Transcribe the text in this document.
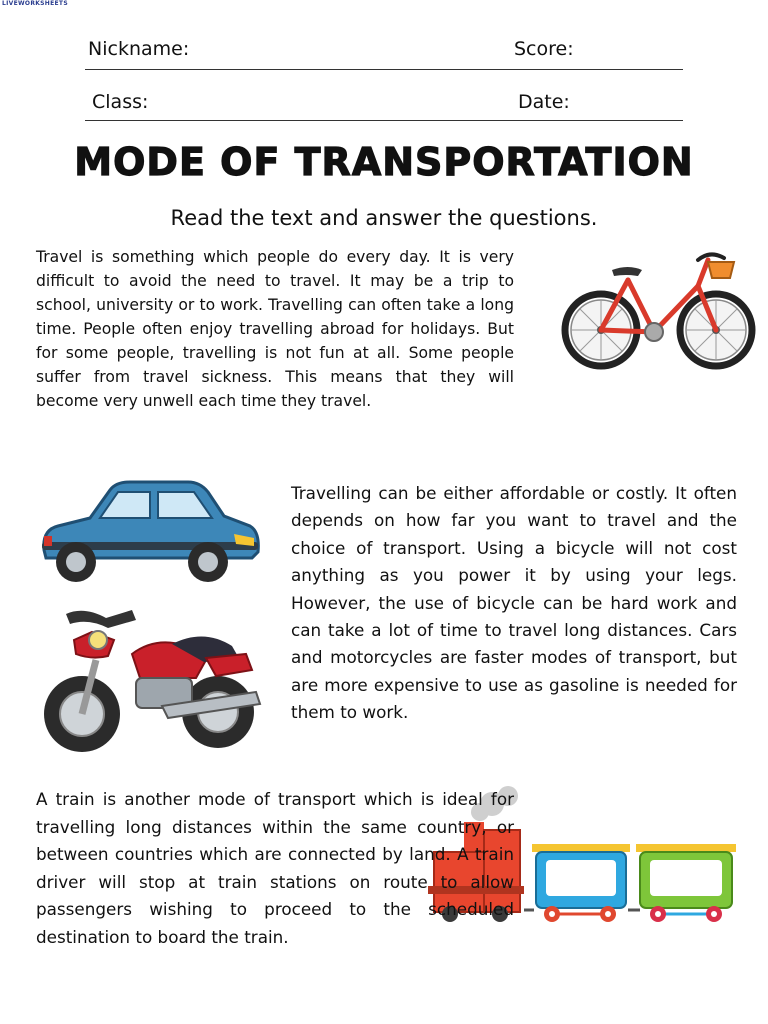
LIVEWORKSHEETS
Nickname:	Score:
Class:	Date:
MODE OF TRANSPORTATION
Read the text and answer the questions.
Travel is something which people do every day. It is very difficult to avoid the need to travel. It may be a trip to school, university or to work. Travelling can often take a long time. People often enjoy travelling abroad for holidays. But for some people, travelling is not fun at all. Some people suffer from travel sickness. This means that they will become very unwell each time they travel.
Travelling can be either affordable or costly. It often depends on how far you want to travel and the choice of transport. Using a bicycle will not cost anything as you power it by using your legs. However, the use of bicycle can be hard work and can take a lot of time to travel long distances. Cars and motorcycles are faster modes of transport, but are more expensive to use as gasoline is needed for them to work.
A train is another mode of transport which is ideal for travelling long distances within the same country, or between countries which are connected by land. A train driver will stop at train stations on route to allow passengers wishing to proceed to the scheduled destination to board the train.
